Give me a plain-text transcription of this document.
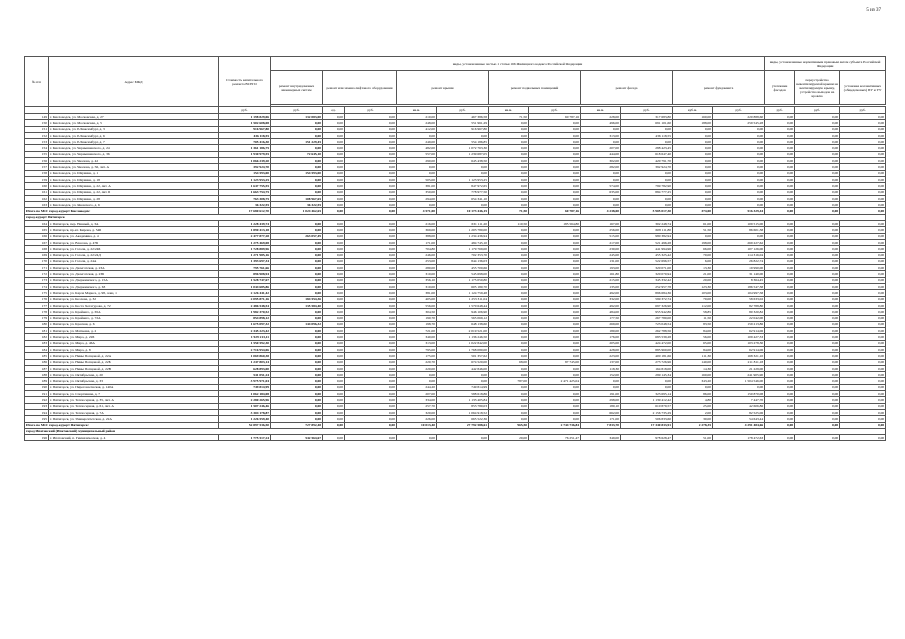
5 из 37
№ п/п	Адрес МКД	Стоимость капитального ремонта ВСЕГО	виды, установленные частью 1 статьи 166 Жилищного кодекса Российской Федерации											виды, установленные нормативным правовым актом субъекта Российской Федерации		
			ремонт внутридомовых инженерных систем	ремонт или замена лифтового оборудования		ремонт крыши		ремонт подвальных помещений		ремонт фасада		ремонт фундамента		утепление фасадов	переустройство невентилируемой крыши на вентилируемую крышу, устройство выходов на кровлю	установка коллективных (общедомовых) ПУ и УУ

		руб.	руб.	ед.	руб.	кв.м.	руб.	кв.м.	руб.	кв.м.	руб.	куб.м.	руб.	руб.	руб.	руб.
149	г. Кисловодск, ул. Московская, д. 27	1 198 829,06	132 083,00	0,00	0,00	210,00	467 386,58	71,50	60 787,16	228,00	317 683,80	160,00	220 888,60	0,00	0,00	0,00
150	г. Кисловодск, ул. Московская, д. 5	1 502 608,08	0,00	0,00	0,00	248,00	551 961,29	0,00	0,00	496,00	691 101,60	188,00	259 545,28	0,00	0,00	0,00
151	г. Кисловодск, ул. Р.Люксембург, д. 3	916 967,80	0,00	0,00	0,00	412,00	916 967,80	0,00	0,00	0,00	0,00	0,00	0,00	0,00	0,00	0,00
152	г. Кисловодск, ул. Р.Люксембург, д. 6	436 118,55	0,00	0,00	0,00	0,00	0,00	0,00	0,00	313,00	436 118,55	0,00	0,00	0,00	0,00	0,00
153	г. Кисловодск, ул. Р.Люксембург, д. 7	705 416,30	151 229,45	0,00	0,00	249,00	554 186,85	0,00	0,00	0,00	0,00	0,00	0,00	0,00	0,00	0,00
154	г. Кисловодск, ул. Чернышевского, д. 24	1 361 186,75	0,00	0,00	0,00	482,00	1 072 763,30	0,00	0,00	207,00	288 423,45	0,00	0,00	0,00	0,00	0,00
155	г. Кисловодск, ул. Чернышевского, д. 36	1 930 979,55	72 645,10	0,00	0,00	557,00	1 239 687,05	0,00	0,00	444,00	618 647,40	0,00	0,00	0,00	0,00	0,00
156	г. Кисловодск, ул. Чкалова, д. 42	1 066 239,20	0,00	0,00	0,00	290,00	645 438,50	0,00	0,00	302,00	420 791,70	0,00	0,00	0,00	0,00	0,00
157	г. Кисловодск, ул. Чкалова, д. 56, лит. А	392 924,70	0,00	0,00	0,00	0,00	0,00	0,00	0,00	282,00	392 924,70	0,00	0,00	0,00	0,00	0,00
158	г. Кисловодск, ул. Шаумяна, д. 1	154 593,00	154 593,00	0,00	0,00	0,00	0,00	0,00	0,00	0,00	0,00	0,00	0,00	0,00	0,00	0,00
159	г. Кисловодск, ул. Шаумяна, д. 18	1 123 953,25	0,00	0,00	0,00	505,00	1 123 953,25	0,00	0,00	0,00	0,00	0,00	0,00	0,00	0,00	0,00
160	г. Кисловодск, ул. Шаумяна, д. 22, лит. А	1 647 755,55	0,00	0,00	0,00	381,00	847 972,65	0,00	0,00	574,00	799 782,90	0,00	0,00	0,00	0,00	0,00
161	г. Кисловодск, ул. Шаумяна, д. 22, лит. Б	1 663 754,75	0,00	0,00	0,00	350,00	778 977,50	0,00	0,00	635,00	884 777,25	0,00	0,00	0,00	0,00	0,00
162	г. Кисловодск, ул. Шаумяна, д. 28	763 308,75	108 967,65	0,00	0,00	294,00	654 341,10	0,00	0,00	0,00	0,00	0,00	0,00	0,00	0,00	0,00
163	г. Кисловодск, ул. Яновского, д. 6	36 322,55	36 322,55	0,00	0,00	0,00	0,00	0,00	0,00	0,00	0,00	0,00	0,00	0,00	0,00	0,00
Итого по МО: город-курорт Кисловодск:		17 680 612,70	1 024 462,65	0,00	0,00	4 571,00	10 173 446,15	71,50	60 787,16	4 238,00	5 905 017,30	374,00	516 329,44	0,00	0,00	0,00
город-курорт Пятигорск																
164	г. Пятигорск, пер. Невный, д. 3А	1 228 439,74	0,00	0,00	0,00	216,00	631 111,20	110,50	185 564,80	167,00	302 248,74	61,00	109 515,00	0,00	0,00	0,00
165	г. Пятигорск, пр-кт. Кирова, д. 54Б	1 890 413,18	0,00	0,00	0,00	369,00	1 203 780,00	0,00	0,00	256,00	608 111,80	51,50	86 601,38	0,00	0,00	0,00
166	г. Пятигорск, ул. Академика, д. 4	2 477 877,28	263 057,49	0,00	0,00	388,00	1 234 436,94	0,00	0,00	515,00	980 382,94	0,00	0,00	0,00	0,00	0,00
167	г. Пятигорск, ул. Власова, д. 47Б	1 275 469,08	0,00	0,00	0,00	171,00	484 745,10	0,00	0,00	217,00	521 496,28	198,00	269 227,62	0,00	0,00	0,00
168	г. Пятигорск, ул. Гоголя, д. 22/24Б	1 728 889,96	0,00	0,00	0,00	704,80	1 179 769,00	0,00	0,00	230,00	441 994,96	66,00	107 126,00	0,00	0,00	0,00
169	г. Пятигорск, ул. Гоголя, д. 22/24Д	1 271 985,16	0,00	0,00	0,00	246,00	702 353,70	0,00	0,00	245,00	455 325,42	70,00	114 316,04	0,00	0,00	0,00
170	г. Пятигорск, ул. Гоголя, д. 24А	1 393 697,34	0,00	0,00	0,00	253,00	844 136,03	0,00	0,00	131,00	522 696,57	6,00	26 822,74	0,00	0,00	0,00
171	г. Пятигорск, ул. Делегатская, д. 23А	795 761,66	0,00	0,00	0,00	280,00	455 700,66	0,00	0,00	193,00	320 071,00	13,30	19 990,00	0,00	0,00	0,00
172	г. Пятигорск, ул. Делегатская, д. 23Б	896 908,94	0,00	0,00	0,00	310,00	545 698,00	0,00	0,00	161,80	320 070,94	21,00	31 140,00	0,00	0,00	0,00
173	г. Пятигорск, ул. Дзержинского, д. 15А	1 528 747,67	0,00	0,00	0,00	356,10	1 175 050,80	0,00	0,00	215,00	345 332,42	20,00	8 364,45	0,00	0,00	0,00
174	г. Пятигорск, ул. Дзержинского, д. 63	1 044 685,86	0,00	0,00	0,00	310,00	605 180,70	0,00	0,00	135,00	252 957,78	123,30	186 547,38	0,00	0,00	0,00
175	г. Пятигорск, ул. Карла Маркса, д. 98, секц. 1	2 126 441,42	0,00	0,00	0,00	381,00	1 124 759,48	0,00	0,00	492,00	896 684,36	103,00	104 997,58	0,00	0,00	0,00
176	г. Пятигорск, ул. Козлова, д. 32	2 095 871,16	184 554,36	0,00	0,00	405,00	1 253 311,04	0,00	0,00	332,00	599 372,74	70,00	58 633,02	0,00	0,00	0,00
177	г. Пятигорск, ул. Коста Хетагурова, д. 72	2 486 548,54	135 584,40	0,00	0,00	556,00	1 570 648,44	0,00	0,00	492,00	697 326,90	112,00	82 788,80	0,00	0,00	0,00
178	г. Пятигорск, ул. Крайнего, д. 65А	1 982 370,52	0,00	0,00	0,00	304,50	946 106,90	0,00	0,00	484,00	955 942,86	58,85	80 320,82	0,00	0,00	0,00
179	г. Пятигорск, ул. Крайнего, д. 72А	854 898,12	0,00	0,00	0,00	190,70	565 069,12	0,00	0,00	177,50	267 780,00	11,50	22 042,00	0,00	0,00	0,00
180	г. Пятигорск, ул. Красная, д. 6	1 675 097,32	144 096,32	0,00	0,00	198,70	648 138,60	0,00	0,00	269,00	723 048,54	83,50	159 213,86	0,00	0,00	0,00
181	г. Пятигорск, ул. Матвеева, д. 2	2 345 223,42	0,00	0,00	0,00	721,00	2 019 521,00	0,00	0,00	180,00	262 788,56	84,00	62 914,06	0,00	0,00	0,00
182	г. Пятигорск, ул. Мира, д. 22Б	1 929 213,11	0,00	0,00	0,00	340,00	1 136 246,50	0,00	0,00	176,00	683 539,28	56,00	109 427,33	0,00	0,00	0,00
183	г. Пятигорск, ул. Мира, д. 46А	1 550 592,30	0,00	0,00	0,00	313,00	1 022 842,00	0,00	0,00	205,00	424 472,00	65,00	103 278,30	0,00	0,00	0,00
184	г. Пятигорск, ул. Мира, д. 8	2 716 954,06	0,00	0,00	0,00	795,00	1 768 080,00	0,00	0,00	428,00	885 960,00	84,00	62 914,06	0,00	0,00	0,00
185	г. Пятигорск, ул. Нины Попцовой, д. 22А	1 069 860,38	0,00	0,00	0,00	175,00	501 357,62	0,00	0,00	223,00	400 181,66	111,30	168 321,10	0,00	0,00	0,00
186	г. Пятигорск, ул. Нины Попцовой, д. 22Б	1 247 803,14	0,00	0,00	0,00	220,70	674 520,00	68,00	87 745,00	137,00	273 726,96	140,00	211 811,18	0,00	0,00	0,00
187	г. Пятигорск, ул. Нины Попцовой, д. 22В	628 893,00	0,00	0,00	0,00	220,00	442 846,00	0,00	0,00	118,30	164 818,00	14,30	21 229,00	0,00	0,00	0,00
188	г. Пятигорск, ул. Октябрьская, д. 20	541 051,24	0,00	0,00	0,00	0,00	0,00	0,00	0,00	152,00	299 145,34	160,00	241 905,90	0,00	0,00	0,00
189	г. Пятигорск, ул. Октябрьская, д. 33	3 975 971,04	0,00	0,00	0,00	0,00	0,00	787,00	2 471 425,04	0,00	0,00	343,20	1 504 546,00	0,00	0,00	0,00
190	г. Пятигорск, ул. Пирогова/лнская, д. 140А	749 814,99	0,00	0,00	0,00	244,20	749 814,99	0,00	0,00	0,00	0,00	0,00	0,00	0,00	0,00	0,00
191	г. Пятигорск, ул. Спортивная, д. 7	1 062 184,08	0,00	0,00	0,00	207,00	588 618,86	0,00	0,00	191,00	323 695,14	86,00	150 870,08	0,00	0,00	0,00
192	г. Пятигорск, ул. Теплосерная, д. 35, лит. А	2 280 265,96	0,00	0,00	0,00	334,00	1 133 405,84	0,00	0,00	298,00	1 139 412,42	4,80	7 447,70	0,00	0,00	0,00
193	г. Пятигорск, ул. Теплосерная, д. 61, лит. А	1 507 246,46	0,00	0,00	0,00	257,70	853 780,03	0,00	0,00	180,10	610 879,57	25,00	42 606,86	0,00	0,00	0,00
194	г. Пятигорск, ул. Теплосерная, д. 7А	3 304 178,87	0,00	0,00	0,00	320,00	1 064 918,52	0,00	0,00	662,00	2 156 735,29	2,00	82 525,06	0,00	0,00	0,00
195	г. Пятигорск, ул. Университетская, д. 22А	1 226 559,40	0,00	0,00	0,00	226,00	665 522,36	0,00	0,00	171,00	506 833,60	30,00	54 643,44	0,00	0,00	0,00
Итого по МО: город-курорт Пятигорск:		52 897 536,50	727 892,48	0,00	0,00	10 013,40	27 792 588,61	965,50	2 744 736,84	7 833,70	17 340 833,91	2 278,35	4 291 484,66	0,00	0,00	0,00
город Ипатовский (Ипатовский) муниципальный район																
196	г. Ипатовский, п. Гимназическая, д. 4	1 775 517,24	542 564,67	0,00	0,00	0,00	0,00	20,00	76 251,47	349,00	978 628,47	51,00	178 472,63	0,00	0,00	0,00
